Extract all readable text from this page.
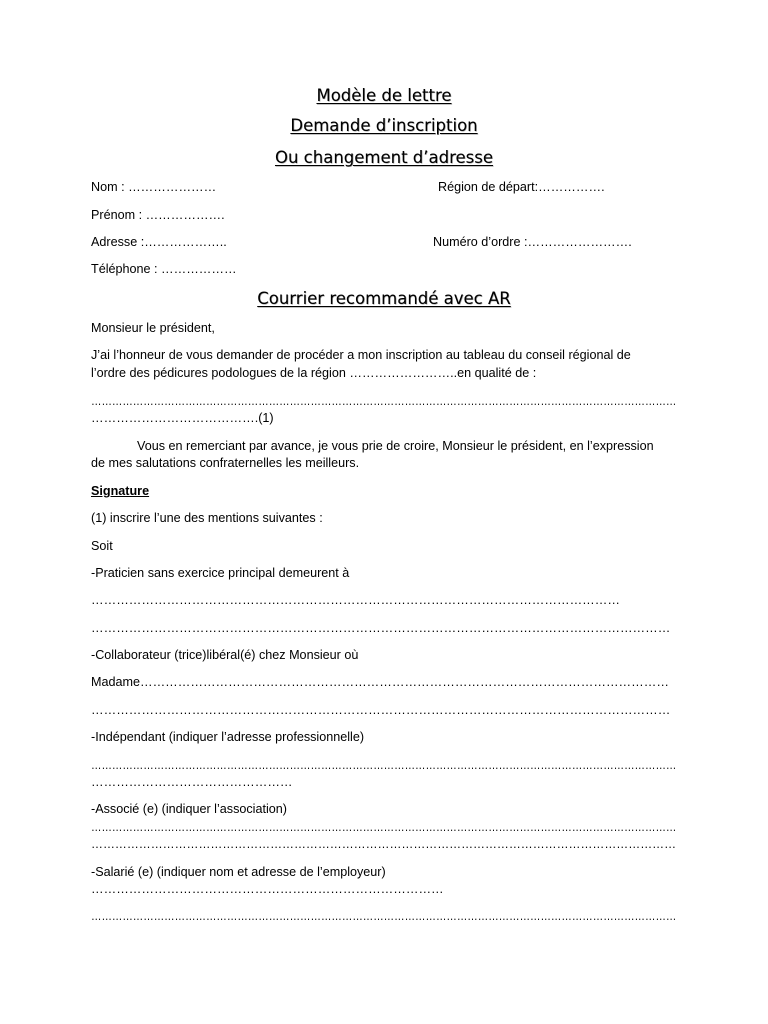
Modèle de lettre
Demande d’inscription
Ou changement d’adresse
Nom : …………………	Région de départ:…………….
Prénom : ……………….
Adresse :………………..	Numéro d’ordre :…………………….
Téléphone : ………………
Courrier recommandé avec AR
Monsieur le président,
J’ai l’honneur de vous demander de procéder a mon inscription au tableau du conseil régional de
l’ordre des pédicures podologues de la région ……………………..en qualité de :
……………………………………………………………………………………………………………………………………………………
………………………………….(1)
Vous en remerciant par avance, je vous prie de croire, Monsieur le président, en l’expression
de mes salutations confraternelles les meilleurs.
Signature
(1) inscrire l’une des mentions suivantes :
Soit
-Praticien sans exercice principal demeurent à
………………………………………………………………………………………………………………
…………………………………………………………………………………………………………………………
-Collaborateur (trice)libéral(é) chez Monsieur où
Madame………………………………………………………………………………………………………………
…………………………………………………………………………………………………………………………
-Indépendant (indiquer l’adresse professionnelle)
……………………………………………………………………………………………………………………………………………………
…………………………………………
-Associé (e) (indiquer l’association)
……………………………………………………………………………………………………………………………………………………
…………………………………………………………………………………………………………………………………
-Salarié (e) (indiquer nom et adresse de l’employeur)
…………………………………………………………………………
……………………………………………………………………………………………………………………………………………………
